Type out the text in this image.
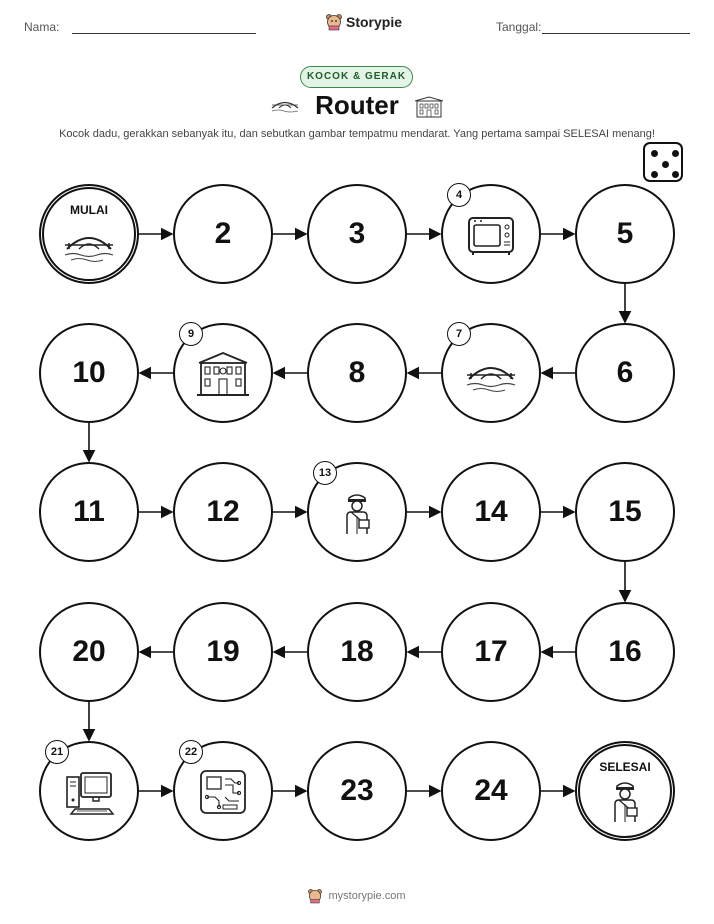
Nama:	Storypie	Tanggal:
KOCOK & GERAK
Router
Kocok dadu, gerakkan sebanyak itu, dan sebutkan gambar tempatmu mendarat. Yang pertama sampai SELESAI menang!
MULAI
2	3
4
5
6
7
8
9
10
11	12
13
14	15
16
17
18
19
20
21	22
23	24
SELESAI
mystorypie.com
